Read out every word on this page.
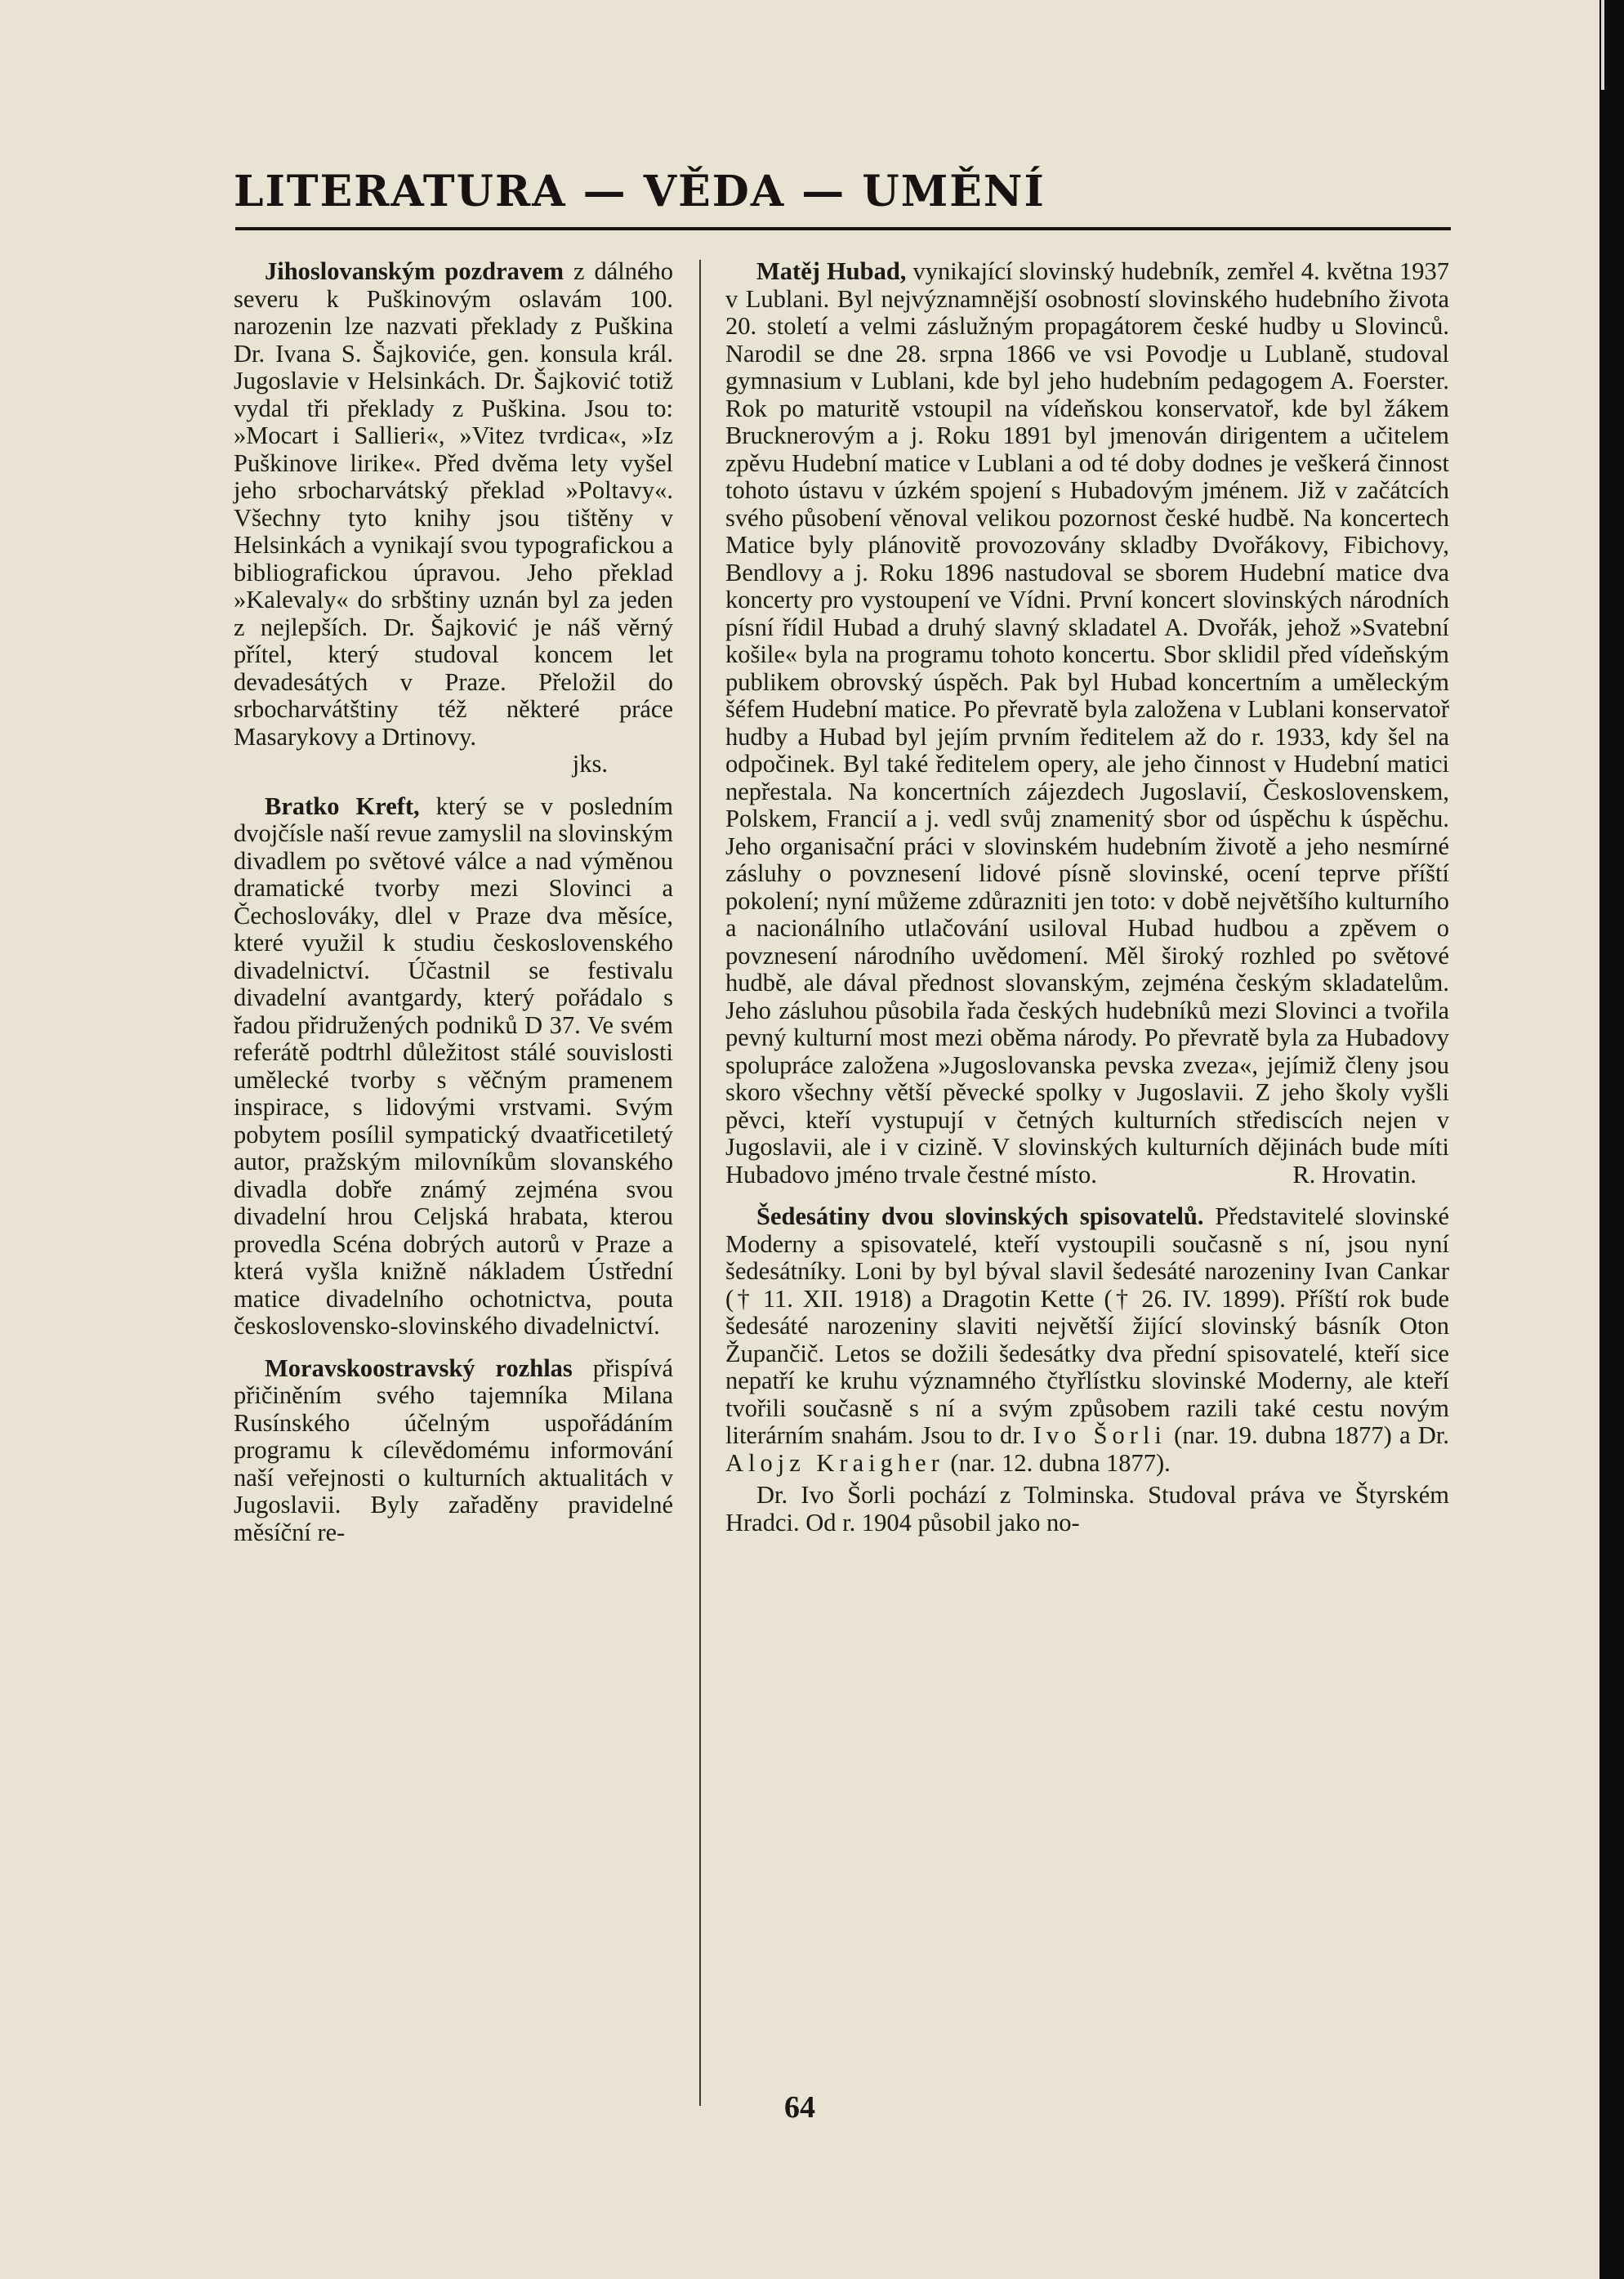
LITERATURA — VĚDA — UMĚNÍ

Jihoslovanským pozdravem z dálného severu k Puškinovým oslavám 100. narozenin lze nazvati překlady z Puškina Dr. Ivana S. Šajkoviće, gen. konsula král. Jugoslavie v Helsinkách. Dr. Šajković totiž vydal tři překlady z Puškina. Jsou to: »Mocart i Sallieri«, »Vitez tvrdica«, »Iz Puškinove lirike«. Před dvěma lety vyšel jeho srbocharvátský překlad »Poltavy«. Všechny tyto knihy jsou tištěny v Helsinkách a vynikají svou typografickou a bibliografickou úpravou. Jeho překlad »Kalevaly« do srbštiny uznán byl za jeden z nejlepších. Dr. Šajković je náš věrný přítel, který studoval koncem let devadesátých v Praze. Přeložil do srbocharvátštiny též některé práce Masarykovy a Drtinovy.
jks.

Bratko Kreft, který se v posledním dvojčísle naší revue zamyslil na slovinským divadlem po světové válce a nad výměnou dramatické tvorby mezi Slovinci a Čechoslováky, dlel v Praze dva měsíce, které využil k studiu československého divadelnictví. Účastnil se festivalu divadelní avantgardy, který pořádalo s řadou přidružených podniků D 37. Ve svém referátě podtrhl důležitost stálé souvislosti umělecké tvorby s věčným pramenem inspirace, s lidovými vrstvami. Svým pobytem posílil sympatický dvaatřicetiletý autor, pražským milovníkům slovanského divadla dobře známý zejména svou divadelní hrou Celjská hrabata, kterou provedla Scéna dobrých autorů v Praze a která vyšla knižně nákladem Ústřední matice divadelního ochotnictva, pouta československo-slovinského divadelnictví.

Moravskoostravský rozhlas přispívá přičiněním svého tajemníka Milana Rusínského účelným uspořádáním programu k cílevědomému informování naší veřejnosti o kulturních aktualitách v Jugoslavii. Byly zařaděny pravidelné měsíční re-

Matěj Hubad, vynikající slovinský hudebník, zemřel 4. května 1937 v Lublani. Byl nejvýznamnější osobností slovinského hudebního života 20. století a velmi záslužným propagátorem české hudby u Slovinců. Narodil se dne 28. srpna 1866 ve vsi Povodje u Lublaně, studoval gymnasium v Lublani, kde byl jeho hudebním pedagogem A. Foerster. Rok po maturitě vstoupil na vídeňskou konservatoř, kde byl žákem Brucknerovým a j. Roku 1891 byl jmenován dirigentem a učitelem zpěvu Hudební matice v Lublani a od té doby dodnes je veškerá činnost tohoto ústavu v úzkém spojení s Hubadovým jménem. Již v začátcích svého působení věnoval velikou pozornost české hudbě. Na koncertech Matice byly plánovitě provozovány skladby Dvořákovy, Fibichovy, Bendlovy a j. Roku 1896 nastudoval se sborem Hudební matice dva koncerty pro vystoupení ve Vídni. První koncert slovinských národních písní řídil Hubad a druhý slavný skladatel A. Dvořák, jehož »Svatební košile« byla na programu tohoto koncertu. Sbor sklidil před vídeňským publikem obrovský úspěch. Pak byl Hubad koncertním a uměleckým šéfem Hudební matice. Po převratě byla založena v Lublani konservatoř hudby a Hubad byl jejím prvním ředitelem až do r. 1933, kdy šel na odpočinek. Byl také ředitelem opery, ale jeho činnost v Hudební matici nepřestala. Na koncertních zájezdech Jugoslavií, Československem, Polskem, Francií a j. vedl svůj znamenitý sbor od úspěchu k úspěchu. Jeho organisační práci v slovinském hudebním životě a jeho nesmírné zásluhy o povznesení lidové písně slovinské, ocení teprve příští pokolení; nyní můžeme zdůrazniti jen toto: v době největšího kulturního a nacionálního utlačování usiloval Hubad hudbou a zpěvem o povznesení národního uvědomení. Měl široký rozhled po světové hudbě, ale dával přednost slovanským, zejména českým skladatelům. Jeho zásluhou působila řada českých hudebníků mezi Slovinci a tvořila pevný kulturní most mezi oběma národy. Po převratě byla za Hubadovy spolupráce založena »Jugoslovanska pevska zveza«, jejímiž členy jsou skoro všechny větší pěvecké spolky v Jugoslavii. Z jeho školy vyšli pěvci, kteří vystupují v četných kulturních střediscích nejen v Jugoslavii, ale i v cizině. V slovinských kulturních dějinách bude míti Hubadovo jméno trvale čestné místo.	R. Hrovatin.

Šedesátiny dvou slovinských spisovatelů. Představitelé slovinské Moderny a spisovatelé, kteří vystoupili současně s ní, jsou nyní šedesátníky. Loni by byl býval slavil šedesáté narozeniny Ivan Cankar († 11. XII. 1918) a Dragotin Kette († 26. IV. 1899). Příští rok bude šedesáté narozeniny slaviti největší žijící slovinský básník Oton Župančič. Letos se dožili šedesátky dva přední spisovatelé, kteří sice nepatří ke kruhu významného čtyřlístku slovinské Moderny, ale kteří tvořili současně s ní a svým způsobem razili také cestu novým literárním snahám. Jsou to dr. Ivo Šorli (nar. 19. dubna 1877) a Dr. Alojz Kraigher (nar. 12. dubna 1877).

Dr. Ivo Šorli pochází z Tolminska. Studoval práva ve Štyrském Hradci. Od r. 1904 působil jako no-

64
